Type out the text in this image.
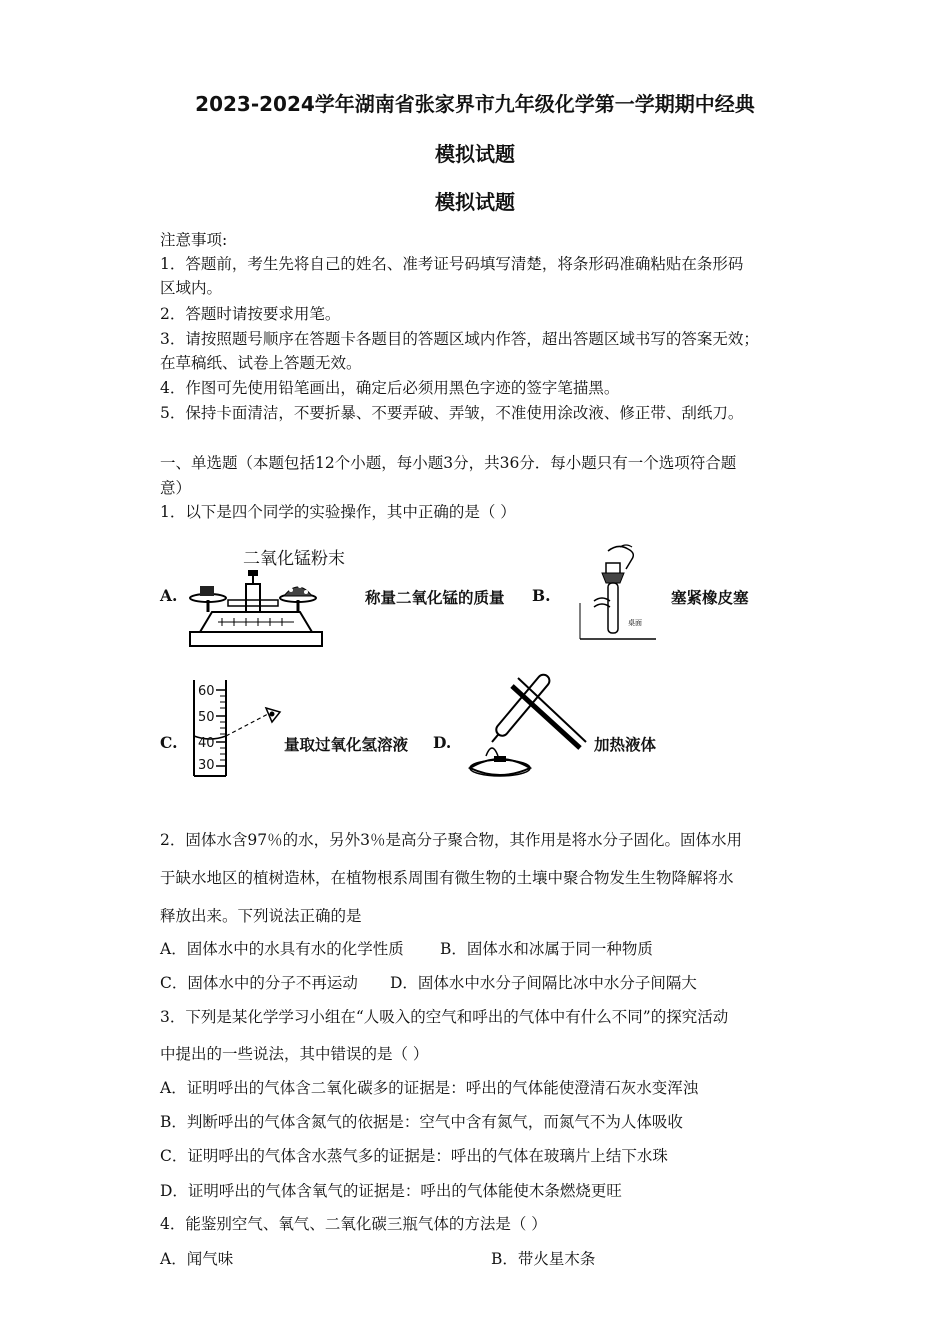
2023-2024学年湖南省张家界市九年级化学第一学期期中经典
模拟试题
模拟试题
注意事项:
1．答题前，考生先将自己的姓名、准考证号码填写清楚，将条形码准确粘贴在条形码
区域内。
2．答题时请按要求用笔。
3．请按照题号顺序在答题卡各题目的答题区域内作答，超出答题区域书写的答案无效；
在草稿纸、试卷上答题无效。
4．作图可先使用铅笔画出，确定后必须用黑色字迹的签字笔描黑。
5．保持卡面清洁，不要折暴、不要弄破、弄皱，不准使用涂改液、修正带、刮纸刀。
一、单选题（本题包括12个小题，每小题3分，共36分．每小题只有一个选项符合题
意）
1．以下是四个同学的实验操作，其中正确的是（ ）
A.
二氧化锰粉末
称量二氧化锰的质量 B.
桌面
塞紧橡皮塞
C.
60
50
40
30
量取过氧化氢溶液 D.	加热液体
2．固体水含97％的水，另外3％是高分子聚合物，其作用是将水分子固化。固体水用
于缺水地区的植树造林，在植物根系周围有微生物的土壤中聚合物发生生物降解将水
释放出来。下列说法正确的是
A．固体水中的水具有水的化学性质 B．固体水和冰属于同一种物质
C．固体水中的分子不再运动 D．固体水中水分子间隔比冰中水分子间隔大
3．下列是某化学学习小组在“人吸入的空气和呼出的气体中有什么不同”的探究活动
中提出的一些说法，其中错误的是（ ）
A．证明呼出的气体含二氧化碳多的证据是：呼出的气体能使澄清石灰水变浑浊
B．判断呼出的气体含氮气的依据是：空气中含有氮气，而氮气不为人体吸收
C．证明呼出的气体含水蒸气多的证据是：呼出的气体在玻璃片上结下水珠
D．证明呼出的气体含氧气的证据是：呼出的气体能使木条燃烧更旺
4．能鉴别空气、氧气、二氧化碳三瓶气体的方法是（ ）
A．闻气味	B．带火星木条
